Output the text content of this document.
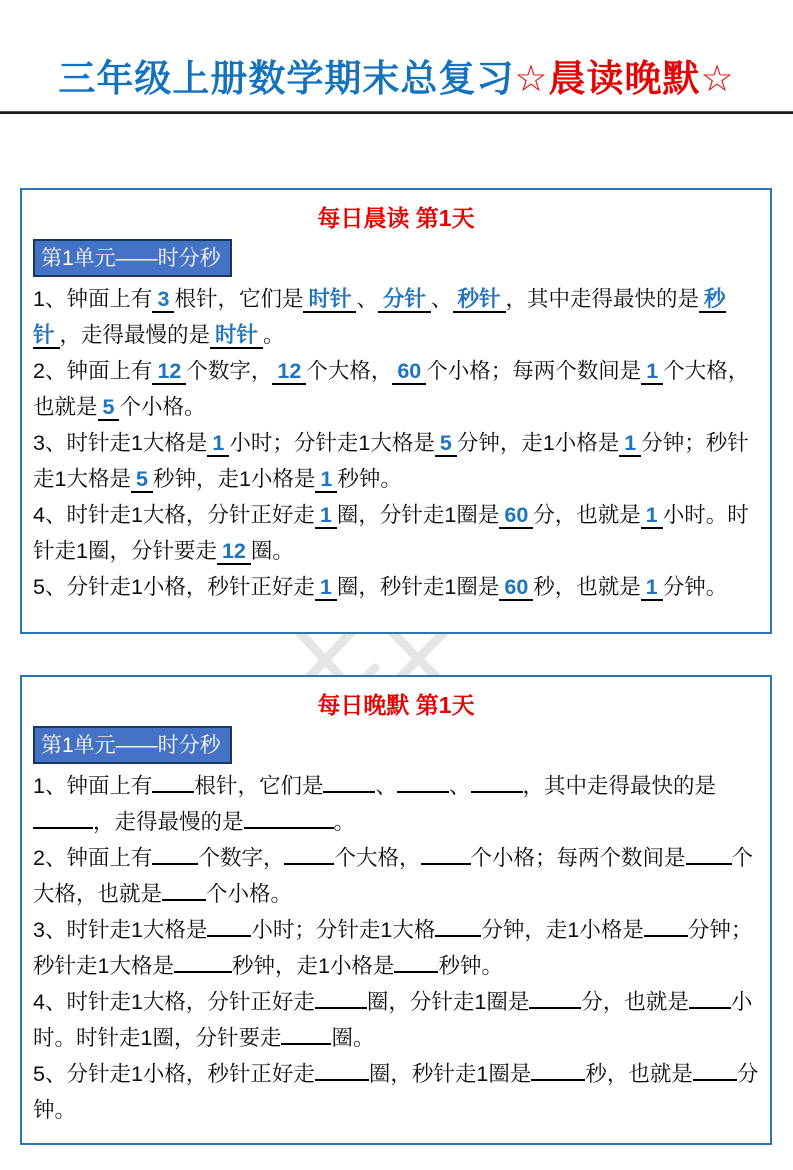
三年级上册数学期末总复习☆晨读晚默☆
每日晨读 第1天
第1单元——时分秒

1、钟面上有 3 根针，它们是 时针 、 分针 、 秒针 ，其中走得最快的是 秒针 ，走得最慢的是 时针 。

2、钟面上有 12 个数字， 12 个大格， 60 个小格；每两个数间是 1 个大格，也就是 5 个小格。

3、时针走1大格是 1 小时；分针走1大格是 5 分钟，走1小格是 1 分钟；秒针走1大格是 5 秒钟，走1小格是 1 秒钟。

4、时针走1大格，分针正好走 1 圈，分针走1圈是 60 分，也就是 1 小时。时针走1圈，分针要走 12 圈。

5、分针走1小格，秒针正好走 1 圈，秒针走1圈是 60 秒，也就是 1 分钟。

每日晚默 第1天
第1单元——时分秒

1、钟面上有 根针，它们是 、 、 ，其中走得最快的是，走得最慢的是	。

2、钟面上有 个数字， 个大格， 个小格；每两个数间是 个大格，也就是 个小格。

3、时针走1大格是 小时；分针走1大格 分钟，走1小格是 分钟；秒针走1大格是	秒钟，走1小格是 秒钟。

4、时针走1大格，分针正好走 圈，分针走1圈是 分，也就是 小时。时针走1圈，分针要走 圈。

5、分针走1小格，秒针正好走	圈，秒针走1圈是	秒，也就是 分钟。
